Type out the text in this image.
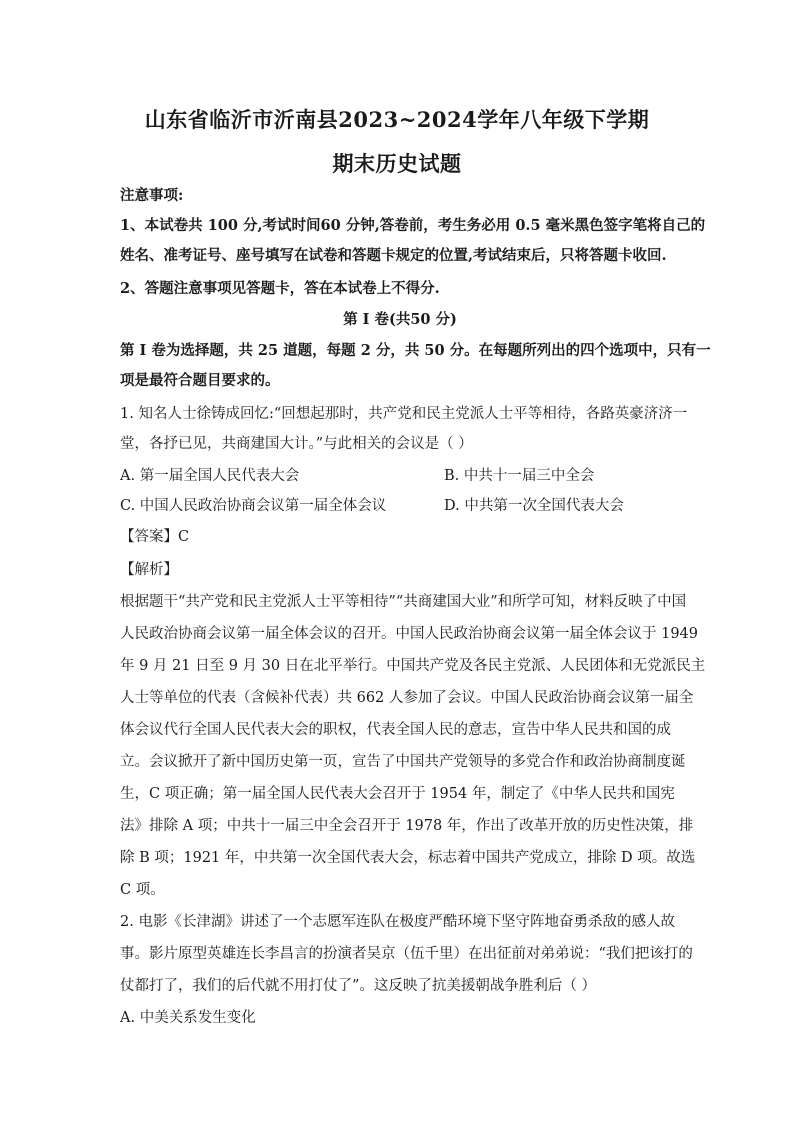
山东省临沂市沂南县2023~2024学年八年级下学期
期末历史试题
注意事项:
1、本试卷共 100 分,考试时间60 分钟,答卷前，考生务必用 0.5 毫米黑色签字笔将自己的
姓名、准考证号、座号填写在试卷和答题卡规定的位置,考试结束后，只将答题卡收回.
2、答题注意事项见答题卡，答在本试卷上不得分.
第 I 卷(共50 分)
第 I 卷为选择题，共 25 道题，每题 2 分，共 50 分。在每题所列出的四个选项中，只有一
项是最符合题目要求的。
1. 知名人士徐铸成回忆:“回想起那时，共产党和民主党派人士平等相待，各路英豪济济一
堂，各抒已见，共商建国大计。”与此相关的会议是（ ）
A. 第一届全国人民代表大会	B. 中共十一届三中全会
C. 中国人民政治协商会议第一届全体会议	D. 中共第一次全国代表大会
【答案】C
【解析】
根据题干“共产党和民主党派人士平等相待”“共商建国大业”和所学可知，材料反映了中国
人民政治协商会议第一届全体会议的召开。中国人民政治协商会议第一届全体会议于 1949
年 9 月 21 日至 9 月 30 日在北平举行。中国共产党及各民主党派、人民团体和无党派民主
人士等单位的代表（含候补代表）共 662 人参加了会议。中国人民政治协商会议第一届全
体会议代行全国人民代表大会的职权，代表全国人民的意志，宣告中华人民共和国的成
立。会议掀开了新中国历史第一页，宣告了中国共产党领导的多党合作和政治协商制度诞
生，C 项正确；第一届全国人民代表大会召开于 1954 年，制定了《中华人民共和国宪
法》排除 A 项；中共十一届三中全会召开于 1978 年，作出了改革开放的历史性决策，排
除 B 项；1921 年，中共第一次全国代表大会，标志着中国共产党成立，排除 D 项。故选
C 项。
2. 电影《长津湖》讲述了一个志愿军连队在极度严酷环境下坚守阵地奋勇杀敌的感人故
事。影片原型英雄连长李昌言的扮演者吴京（伍千里）在出征前对弟弟说：“我们把该打的
仗都打了，我们的后代就不用打仗了”。这反映了抗美援朝战争胜利后（ ）
A. 中美关系发生变化
